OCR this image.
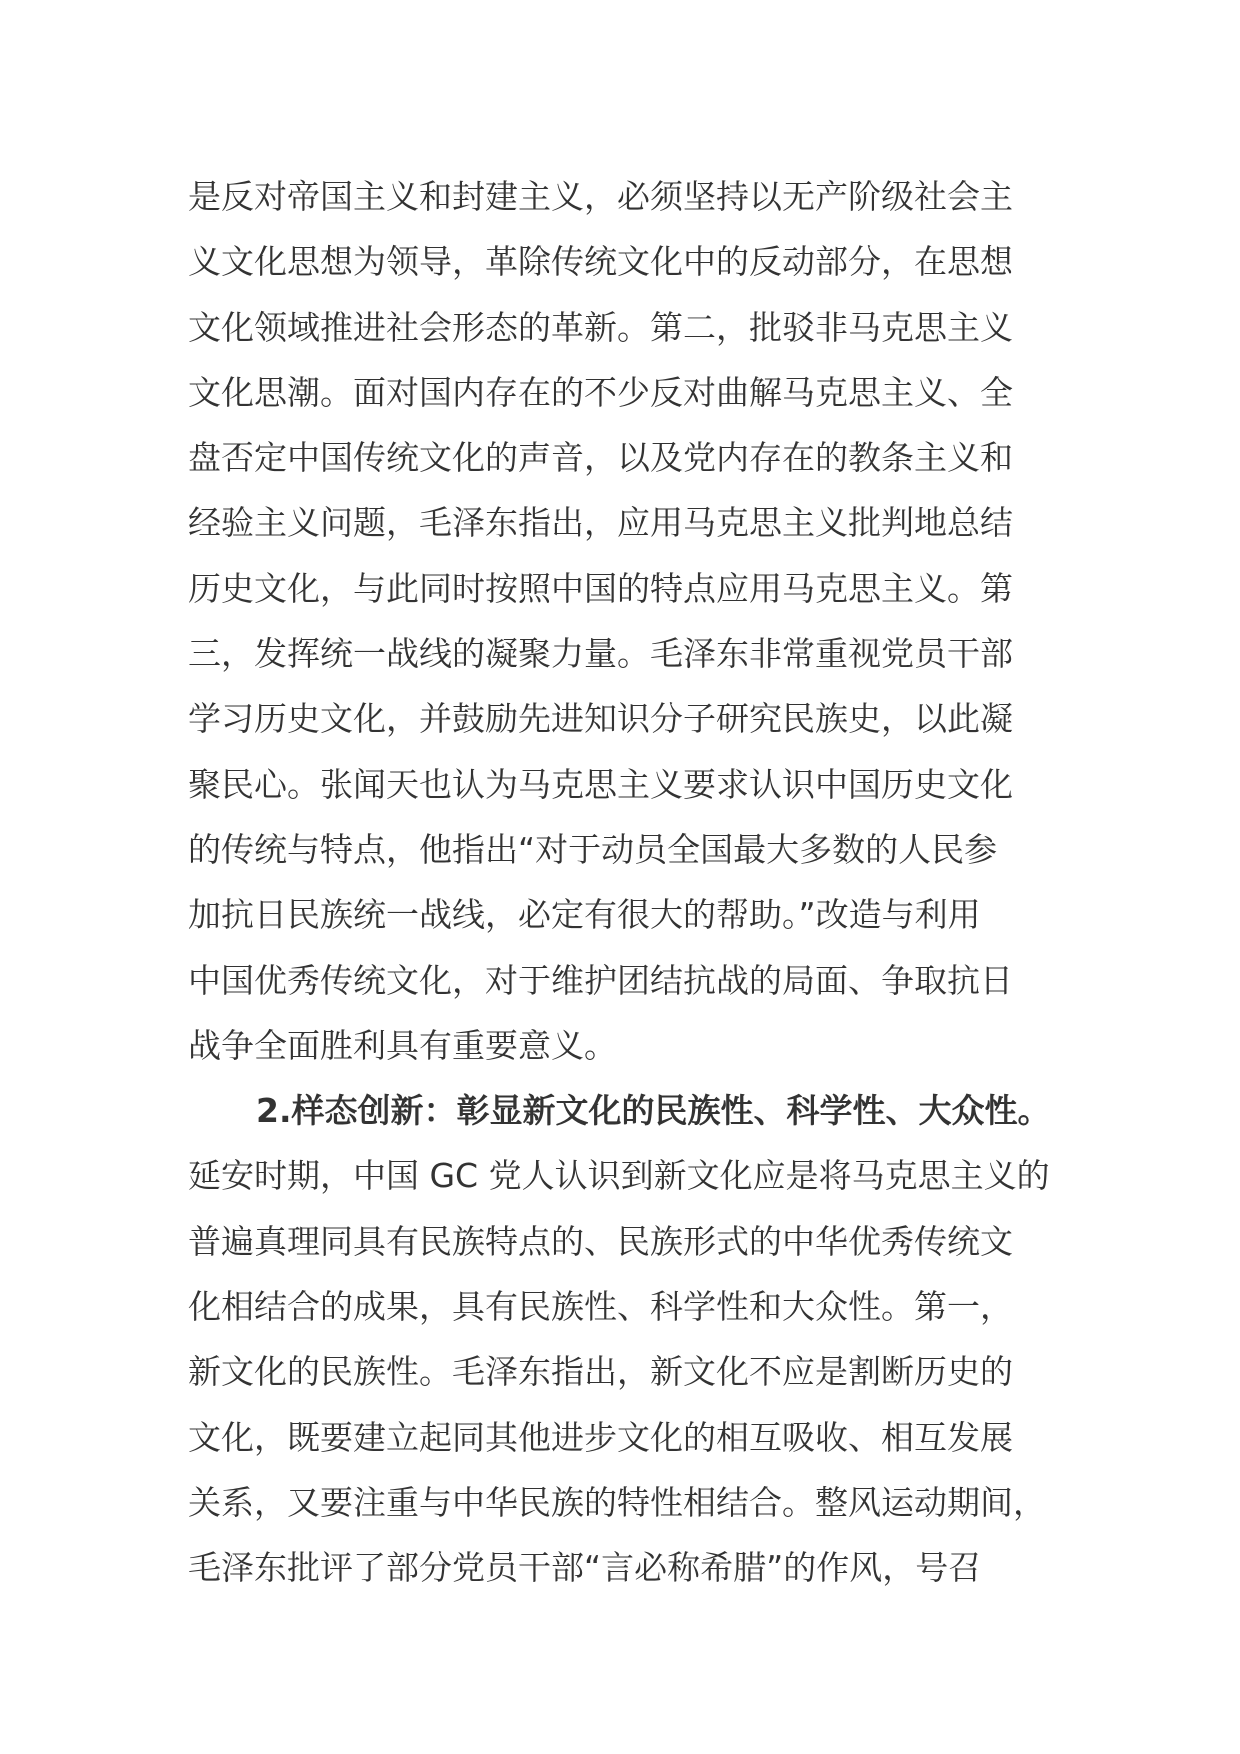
是反对帝国主义和封建主义，必须坚持以无产阶级社会主
义文化思想为领导，革除传统文化中的反动部分，在思想
文化领域推进社会形态的革新。第二，批驳非马克思主义
文化思潮。面对国内存在的不少反对曲解马克思主义、全
盘否定中国传统文化的声音，以及党内存在的教条主义和
经验主义问题，毛泽东指出，应用马克思主义批判地总结
历史文化，与此同时按照中国的特点应用马克思主义。第
三，发挥统一战线的凝聚力量。毛泽东非常重视党员干部
学习历史文化，并鼓励先进知识分子研究民族史，以此凝
聚民心。张闻天也认为马克思主义要求认识中国历史文化
的传统与特点，他指出“对于动员全国最大多数的人民参
加抗日民族统一战线，必定有很大的帮助。”改造与利用
中国优秀传统文化，对于维护团结抗战的局面、争取抗日
战争全面胜利具有重要意义。
2.样态创新：彰显新文化的民族性、科学性、大众性。
延安时期，中国 GC 党人认识到新文化应是将马克思主义的
普遍真理同具有民族特点的、民族形式的中华优秀传统文
化相结合的成果，具有民族性、科学性和大众性。第一，
新文化的民族性。毛泽东指出，新文化不应是割断历史的
文化，既要建立起同其他进步文化的相互吸收、相互发展
关系，又要注重与中华民族的特性相结合。整风运动期间，
毛泽东批评了部分党员干部“言必称希腊”的作风，号召
